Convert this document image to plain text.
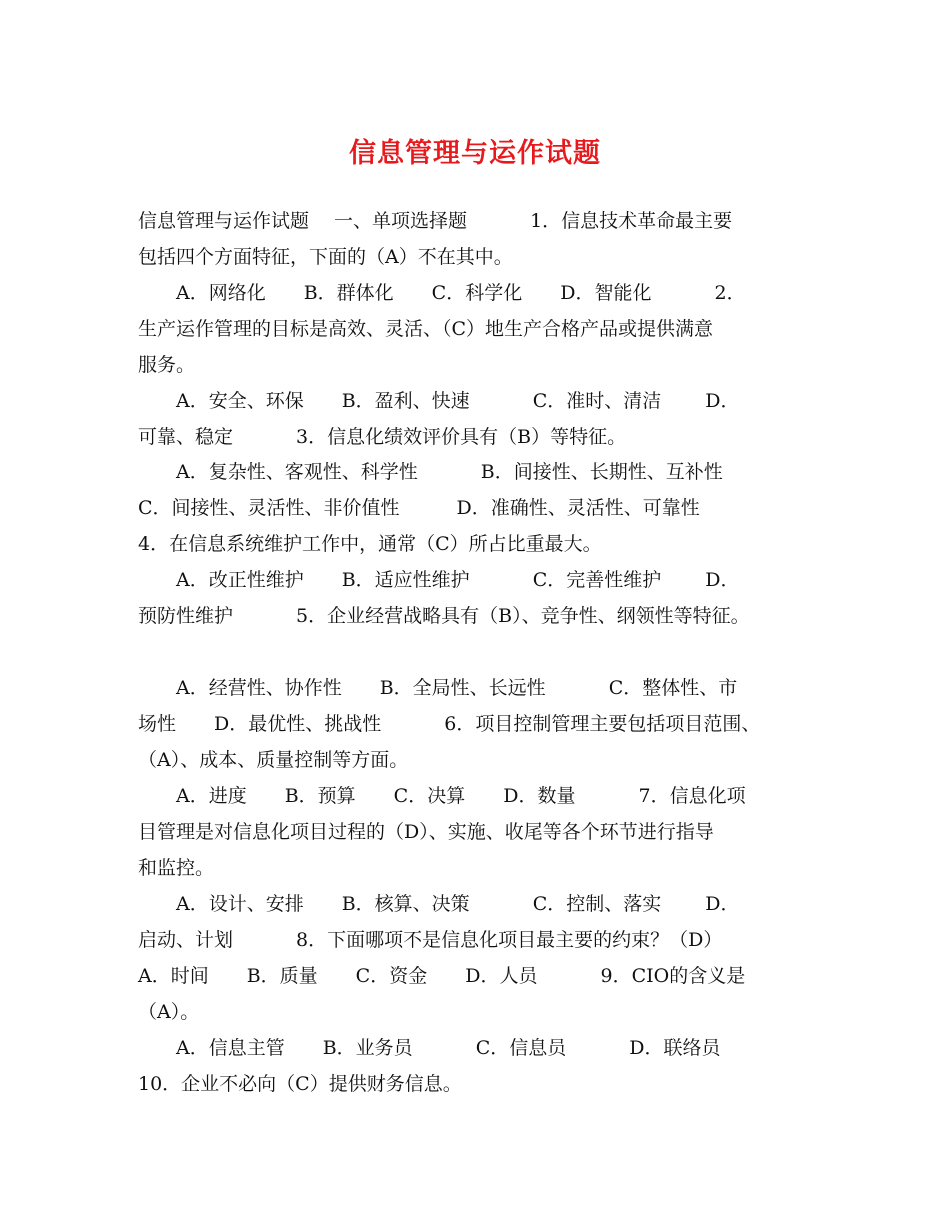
信息管理与运作试题
信息管理与运作试题　 一、单项选择题　　　 1．信息技术革命最主要
包括四个方面特征，下面的（A）不在其中。
　　A．网络化　　B．群体化　　C．科学化　　D．智能化　　　 2．
生产运作管理的目标是高效、灵活、（C）地生产合格产品或提供满意
服务。
　　A．安全、环保　　B．盈利、快速　　　 C．准时、清洁　　 D．
可靠、稳定　　　 3．信息化绩效评价具有（B）等特征。
　　A．复杂性、客观性、科学性　　　 B．间接性、长期性、互补性
C．间接性、灵活性、非价值性　　　D．准确性、灵活性、可靠性
4．在信息系统维护工作中，通常（C）所占比重最大。
　　A．改正性维护　　B．适应性维护　　　 C．完善性维护　　 D．
预防性维护　　　 5．企业经营战略具有（B）、竞争性、纲领性等特征。
　　A．经营性、协作性　　B．全局性、长远性　　　 C．整体性、市
场性　　D．最优性、挑战性　　　 6．项目控制管理主要包括项目范围、
（A）、成本、质量控制等方面。
　　A．进度　　B．预算　　C．决算　　D．数量　　　 7．信息化项
目管理是对信息化项目过程的（D）、实施、收尾等各个环节进行指导
和监控。
　　A．设计、安排　　B．核算、决策　　　 C．控制、落实　　 D．
启动、计划　　　 8．下面哪项不是信息化项目最主要的约束？（D）
A．时间　　B．质量　　C．资金　　D．人员　　　 9．CIO的含义是
（A）。
　　A．信息主管　　B．业务员　　　 C．信息员　　　 D．联络员
10．企业不必向（C）提供财务信息。
